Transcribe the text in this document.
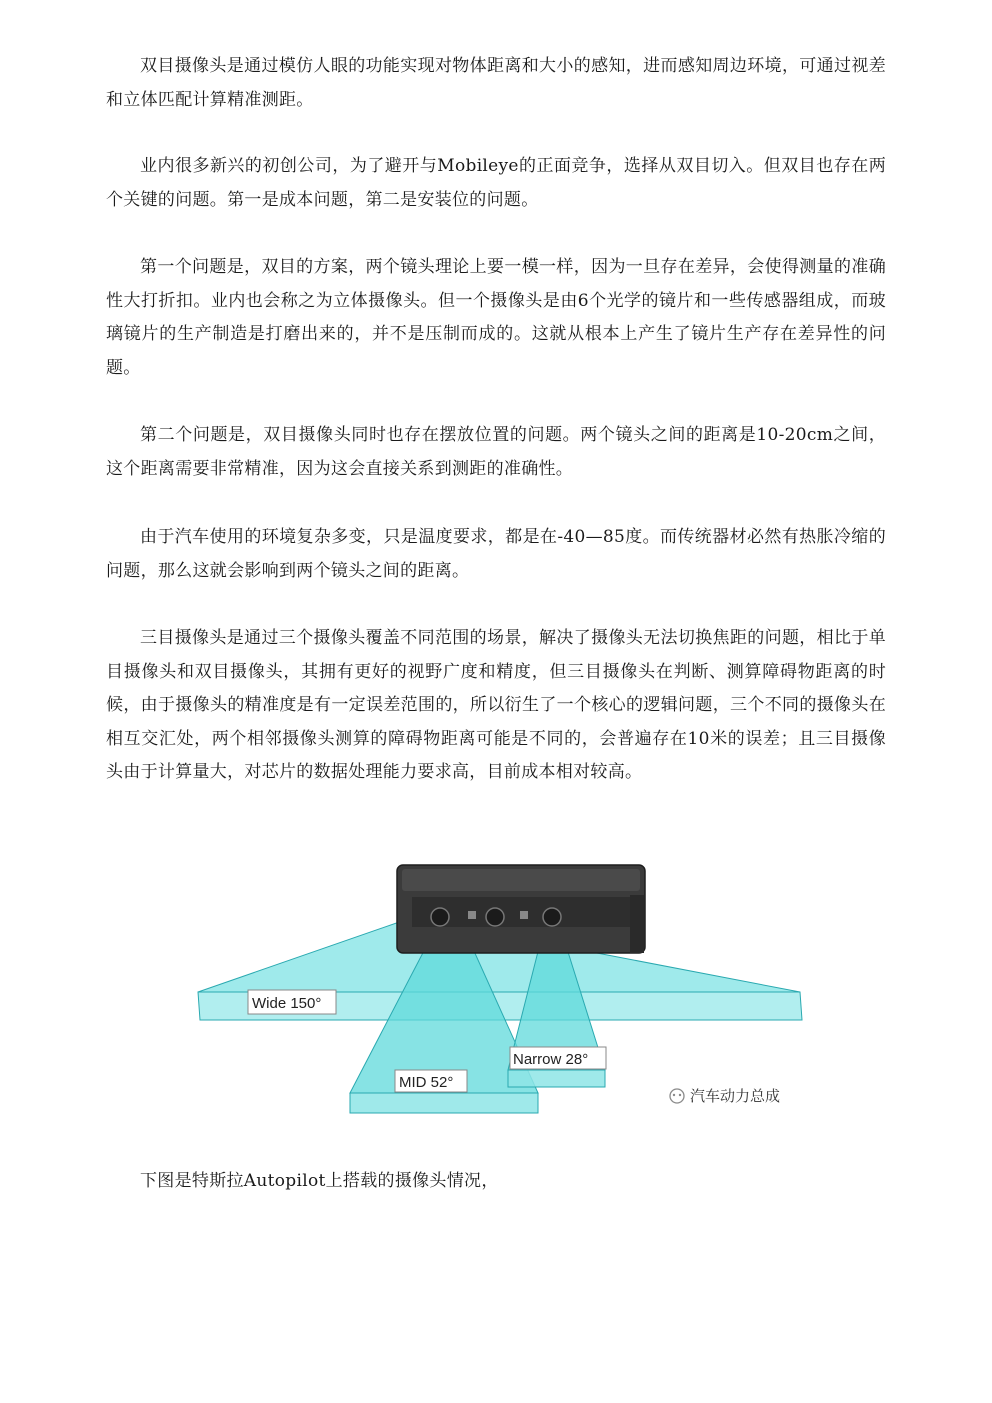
双目摄像头是通过模仿人眼的功能实现对物体距离和大小的感知，进而感知周边环境，可通过视差和立体匹配计算精准测距。

业内很多新兴的初创公司，为了避开与Mobileye的正面竞争，选择从双目切入。但双目也存在两个关键的问题。第一是成本问题，第二是安装位的问题。

第一个问题是，双目的方案，两个镜头理论上要一模一样，因为一旦存在差异，会使得测量的准确性大打折扣。业内也会称之为立体摄像头。但一个摄像头是由6个光学的镜片和一些传感器组成，而玻璃镜片的生产制造是打磨出来的，并不是压制而成的。这就从根本上产生了镜片生产存在差异性的问题。

第二个问题是，双目摄像头同时也存在摆放位置的问题。两个镜头之间的距离是10-20cm之间，这个距离需要非常精准，因为这会直接关系到测距的准确性。

由于汽车使用的环境复杂多变，只是温度要求，都是在-40—85度。而传统器材必然有热胀冷缩的问题，那么这就会影响到两个镜头之间的距离。

三目摄像头是通过三个摄像头覆盖不同范围的场景，解决了摄像头无法切换焦距的问题，相比于单目摄像头和双目摄像头，其拥有更好的视野广度和精度，但三目摄像头在判断、测算障碍物距离的时候，由于摄像头的精准度是有一定误差范围的，所以衍生了一个核心的逻辑问题，三个不同的摄像头在相互交汇处，两个相邻摄像头测算的障碍物距离可能是不同的，会普遍存在10米的误差；且三目摄像头由于计算量大，对芯片的数据处理能力要求高，目前成本相对较高。

Wide 150°
MID 52°
Narrow 28°
汽车动力总成

下图是特斯拉Autopilot上搭载的摄像头情况，
